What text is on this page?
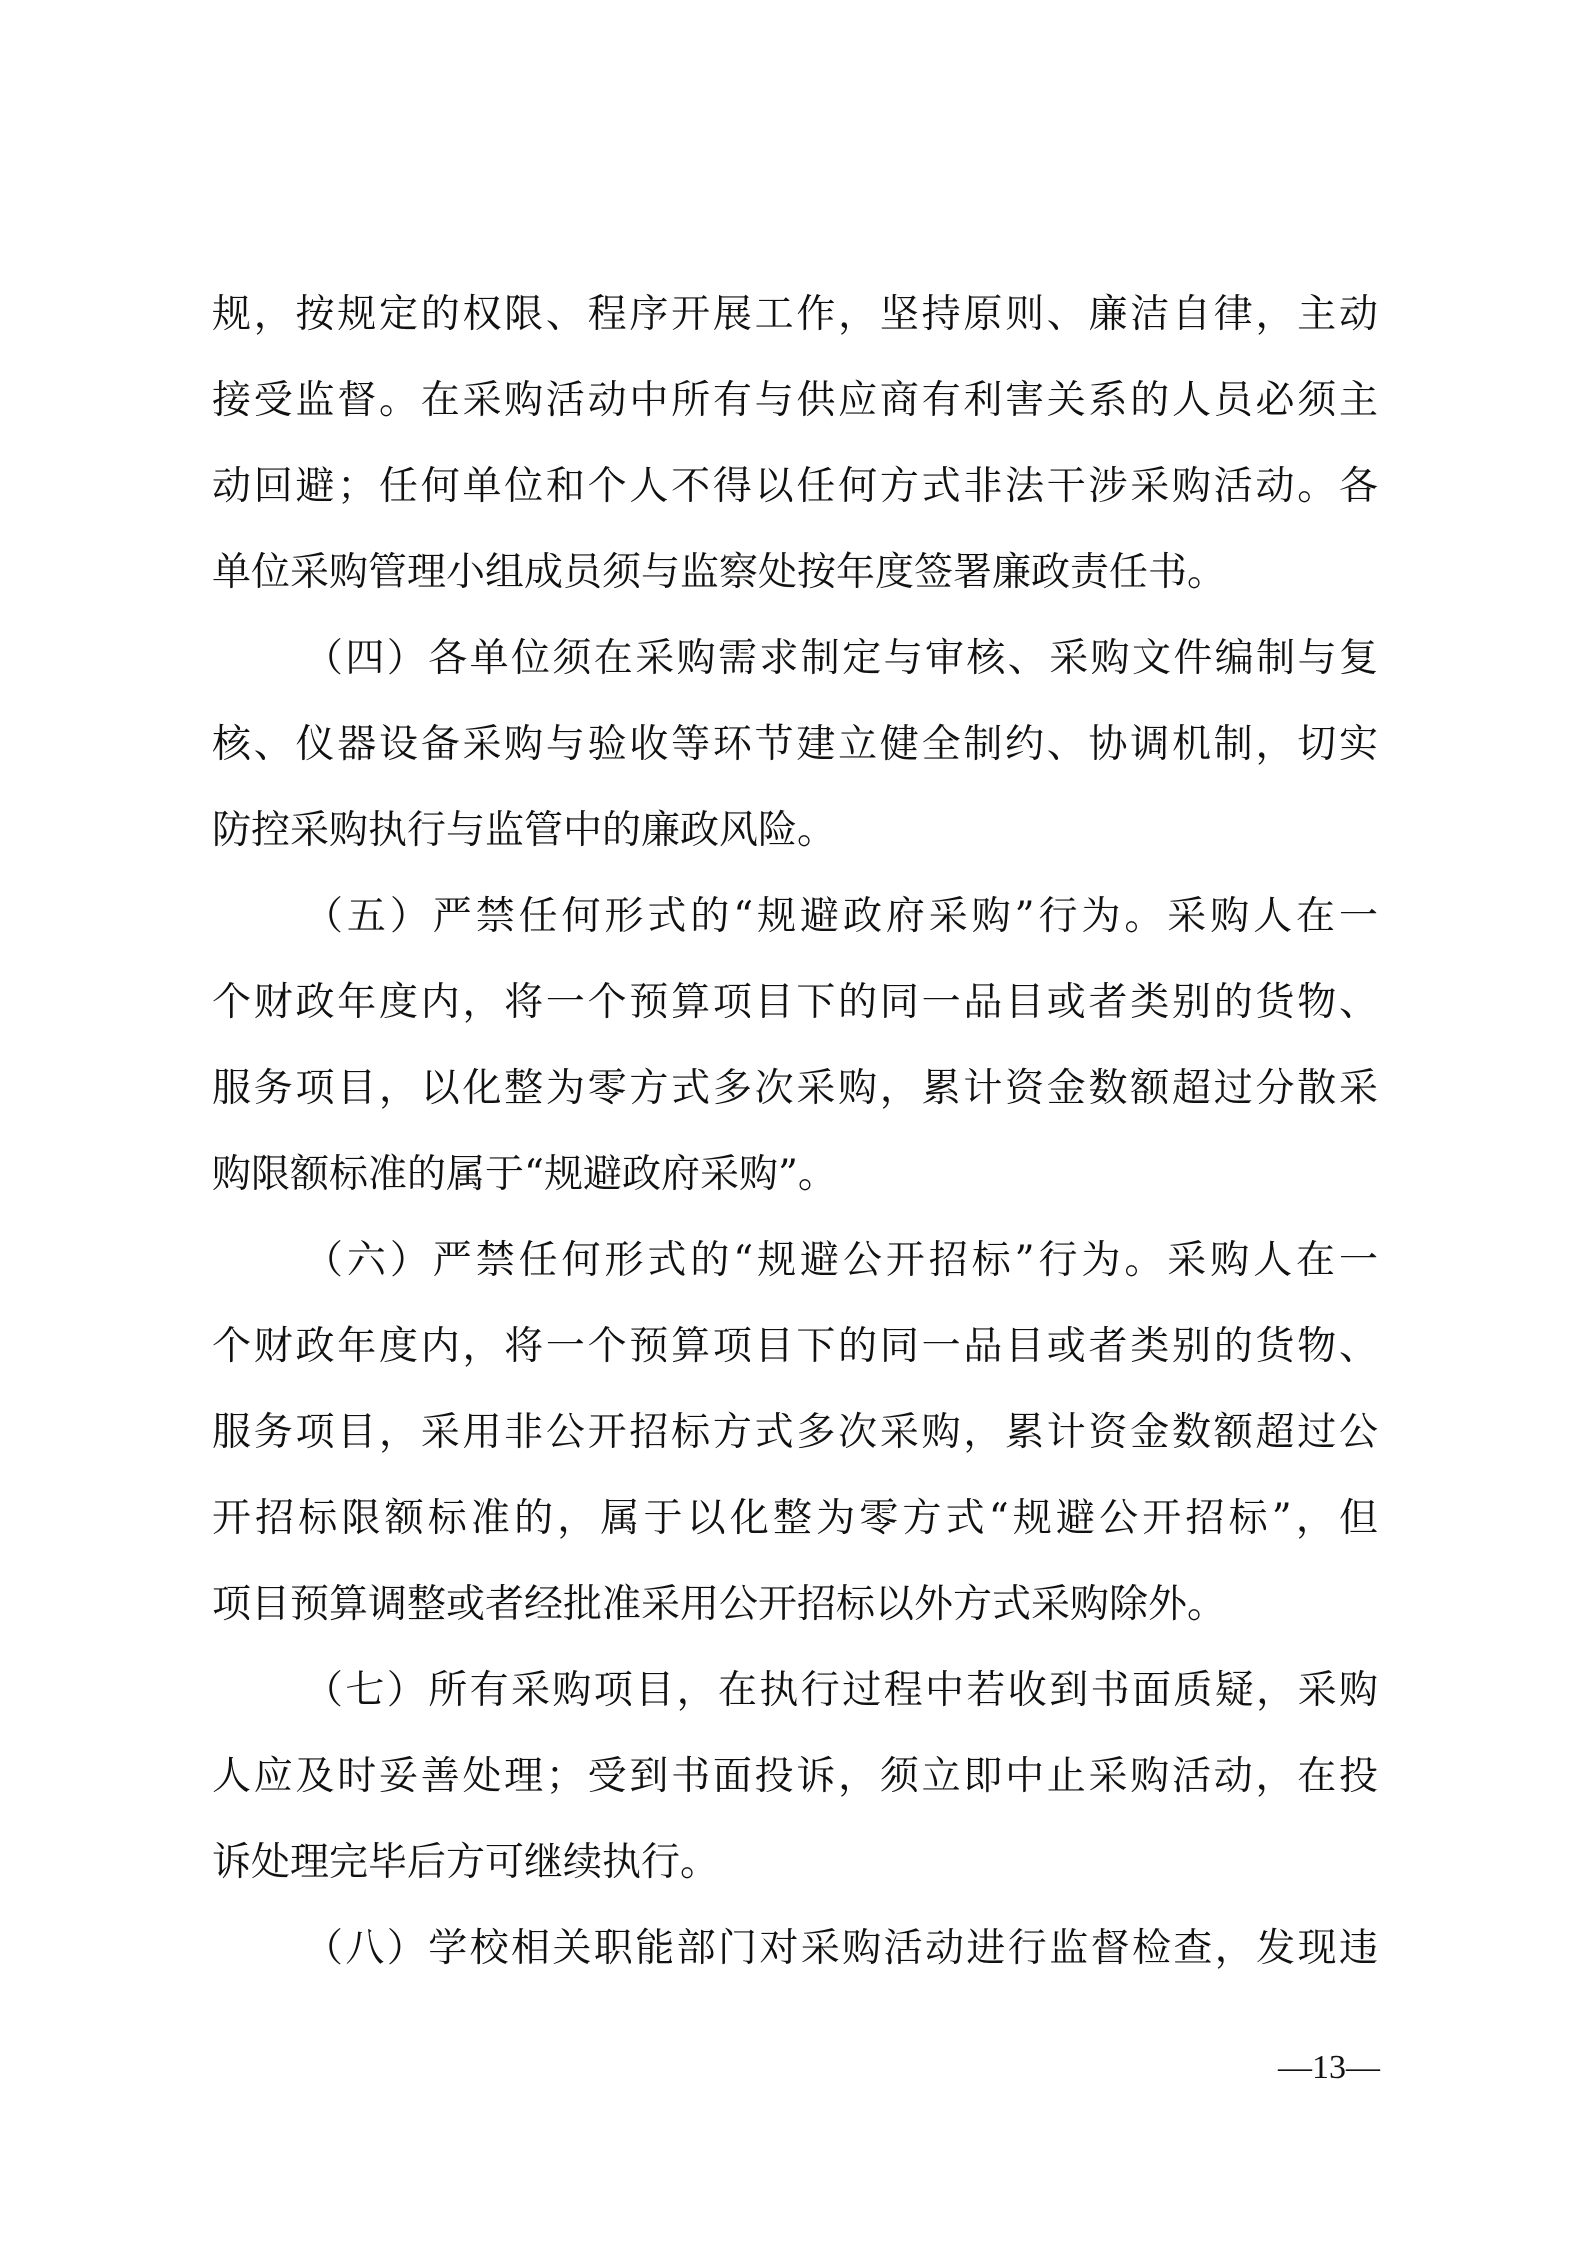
规，按规定的权限、程序开展工作，坚持原则、廉洁自律，主动
接受监督。在采购活动中所有与供应商有利害关系的人员必须主
动回避；任何单位和个人不得以任何方式非法干涉采购活动。各
单位采购管理小组成员须与监察处按年度签署廉政责任书。
（四）各单位须在采购需求制定与审核、采购文件编制与复
核、仪器设备采购与验收等环节建立健全制约、协调机制，切实
防控采购执行与监管中的廉政风险。
（五）严禁任何形式的“规避政府采购”行为。采购人在一
个财政年度内，将一个预算项目下的同一品目或者类别的货物、
服务项目，以化整为零方式多次采购，累计资金数额超过分散采
购限额标准的属于“规避政府采购”。
（六）严禁任何形式的“规避公开招标”行为。采购人在一
个财政年度内，将一个预算项目下的同一品目或者类别的货物、
服务项目，采用非公开招标方式多次采购，累计资金数额超过公
开招标限额标准的，属于以化整为零方式“规避公开招标”，但
项目预算调整或者经批准采用公开招标以外方式采购除外。
（七）所有采购项目，在执行过程中若收到书面质疑，采购
人应及时妥善处理；受到书面投诉，须立即中止采购活动，在投
诉处理完毕后方可继续执行。
（八）学校相关职能部门对采购活动进行监督检查，发现违
—13—
